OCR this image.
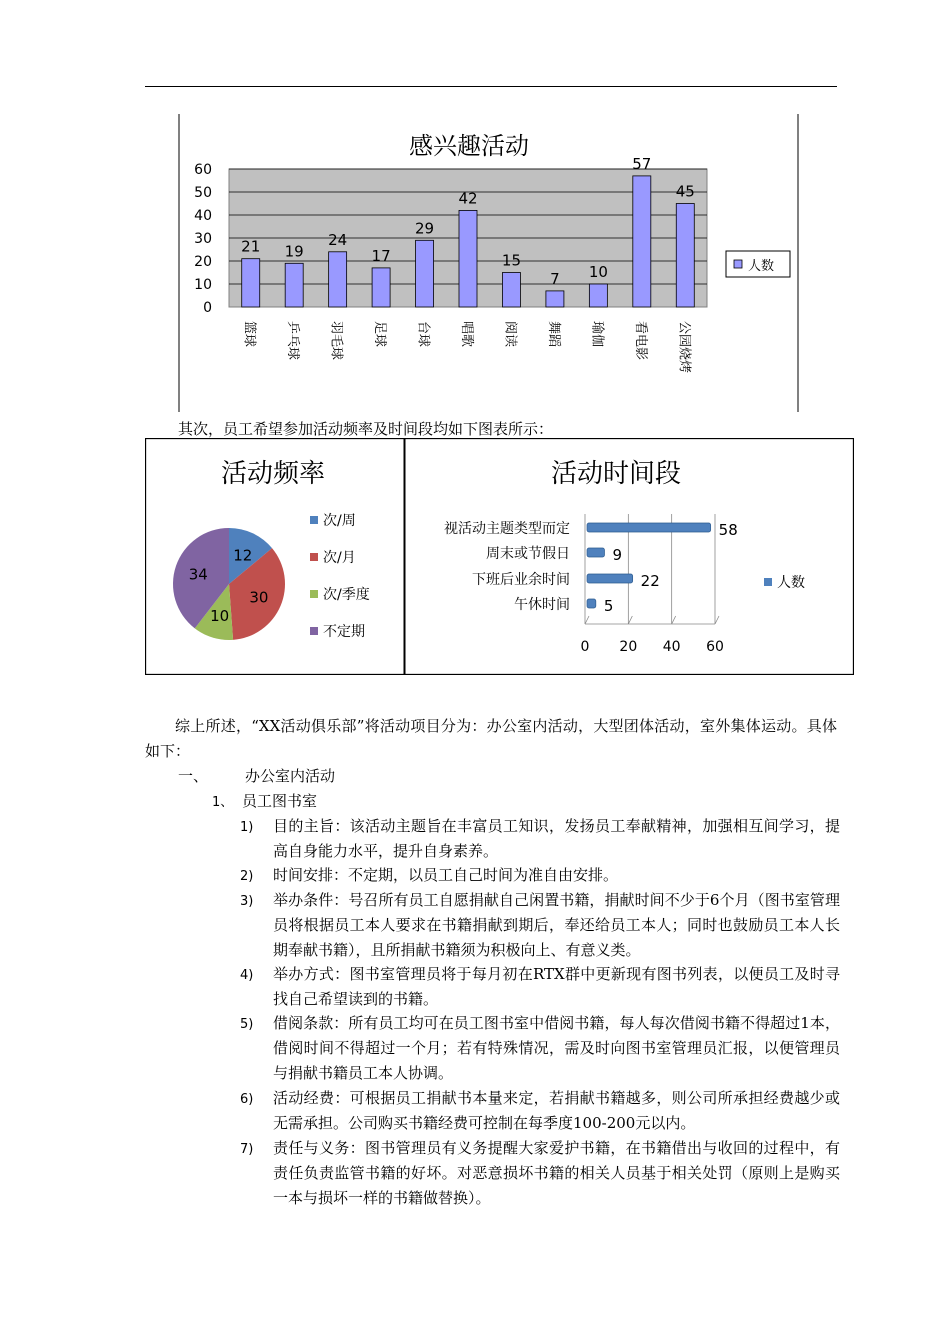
感兴趣活动
0
10
20
30
40
50
60
21 19
24
17
29
42
15
7 10
57
45
篮球 乒乓球 羽毛球 足球 台球 唱歌 阅读 舞蹈 瑜伽 看电影 公园烧烤
人数
其次，员工希望参加活动频率及时间段均如下图表所示：
活动频率
12
30
10
34
次/周
次/月
次/季度
不定期
活动时间段
视活动主题类型而定
周末或节假日
下班后业余时间
午休时间
58
9
22
5
0 20 40 60
人数
综上所述，“XX活动俱乐部”将活动项目分为：办公室内活动，大型团体活动，室外集体运动。具体如下：
一、 办公室内活动
1、 员工图书室
1) 目的主旨：该活动主题旨在丰富员工知识，发扬员工奉献精神，加强相互间学习，提高自身能力水平，提升自身素养。
2) 时间安排：不定期，以员工自己时间为准自由安排。
3) 举办条件：号召所有员工自愿捐献自己闲置书籍，捐献时间不少于6个月（图书室管理员将根据员工本人要求在书籍捐献到期后，奉还给员工本人；同时也鼓励员工本人长期奉献书籍），且所捐献书籍须为积极向上、有意义类。
4) 举办方式：图书室管理员将于每月初在RTX群中更新现有图书列表，以便员工及时寻找自己希望读到的书籍。
5) 借阅条款：所有员工均可在员工图书室中借阅书籍，每人每次借阅书籍不得超过1本，借阅时间不得超过一个月；若有特殊情况，需及时向图书室管理员汇报，以便管理员与捐献书籍员工本人协调。
6) 活动经费：可根据员工捐献书本量来定，若捐献书籍越多，则公司所承担经费越少或无需承担。公司购买书籍经费可控制在每季度100-200元以内。
7) 责任与义务：图书管理员有义务提醒大家爱护书籍，在书籍借出与收回的过程中，有责任负责监管书籍的好坏。对恶意损坏书籍的相关人员基于相关处罚（原则上是购买一本与损坏一样的书籍做替换）。
